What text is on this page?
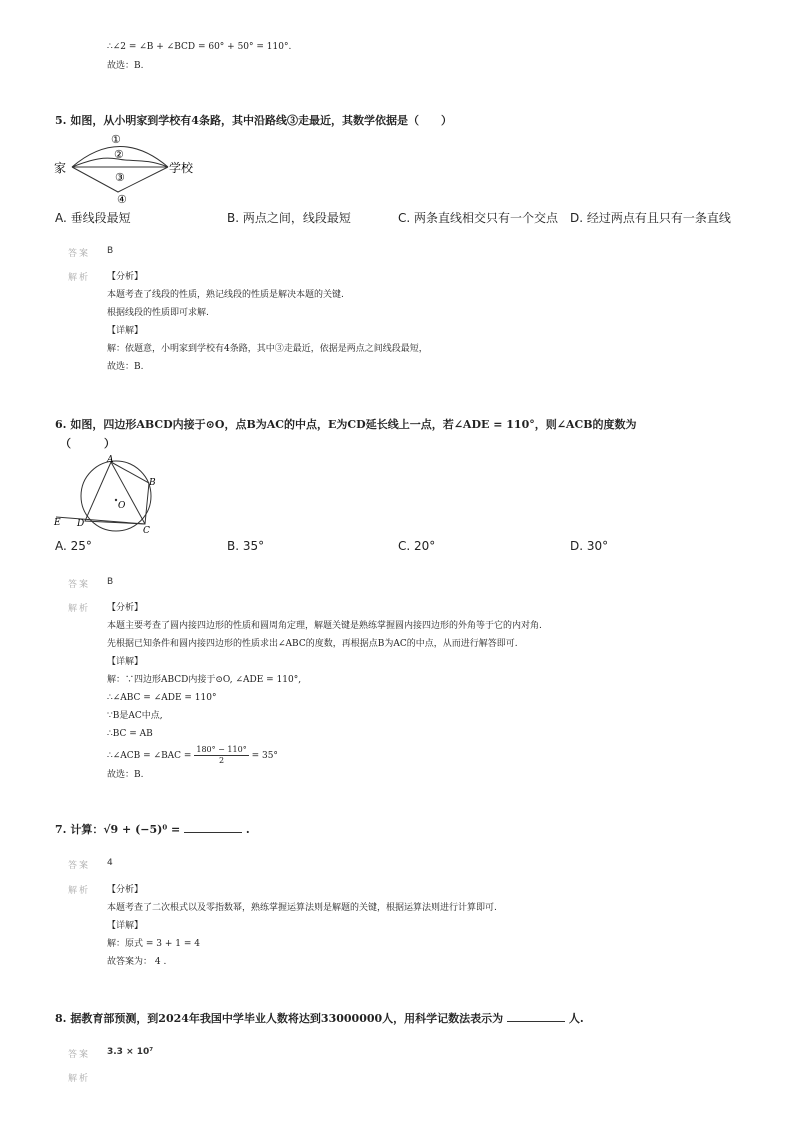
∴∠2 = ∠B + ∠BCD = 60° + 50° = 110°.
故选：B.
5. 如图，从小明家到学校有4条路，其中沿路线③走最近，其数学依据是（　　）
家	学校
①
②
③
④
A. 垂线段最短	B. 两点之间，线段最短	C. 两条直线相交只有一个交点 D. 经过两点有且只有一条直线
答案 B
解析 【分析】
本题考查了线段的性质，熟记线段的性质是解决本题的关键.
根据线段的性质即可求解.
【详解】
解：依题意，小明家到学校有4条路，其中③走最近，依据是两点之间线段最短，
故选：B.
6. 如图，四边形ABCD内接于⊙O，点B为AC的中点，E为CD延长线上一点，若∠ADE = 110°，则∠ACB的度数为
（　　　）
A
B
C
D
E
O
A. 25°	B. 35°	C. 20°	D. 30°
答案 B
解析 【分析】
本题主要考查了圆内接四边形的性质和圆周角定理，解题关键是熟练掌握圆内接四边形的外角等于它的内对角.
先根据已知条件和圆内接四边形的性质求出∠ABC的度数，再根据点B为AC的中点，从而进行解答即可.
【详解】
解：∵四边形ABCD内接于⊙O, ∠ADE = 110°,
∴∠ABC = ∠ADE = 110°
∵B是AC中点,
∴BC = AB
∴∠ACB = ∠BAC = $\frac{180^\circ - 110^\circ}{2} = 35^\circ$
故选：B.
7. 计算：√9 + (−5)⁰ =	.
答案 4
解析 【分析】
本题考查了二次根式以及零指数幂，熟练掌握运算法则是解题的关键，根据运算法则进行计算即可.
【详解】
解：原式 = 3 + 1 = 4
故答案为： 4 .
8. 据教育部预测，到2024年我国中学毕业人数将达到33000000人，用科学记数法表示为	人.
答案 3.3 × 10⁷
解析
